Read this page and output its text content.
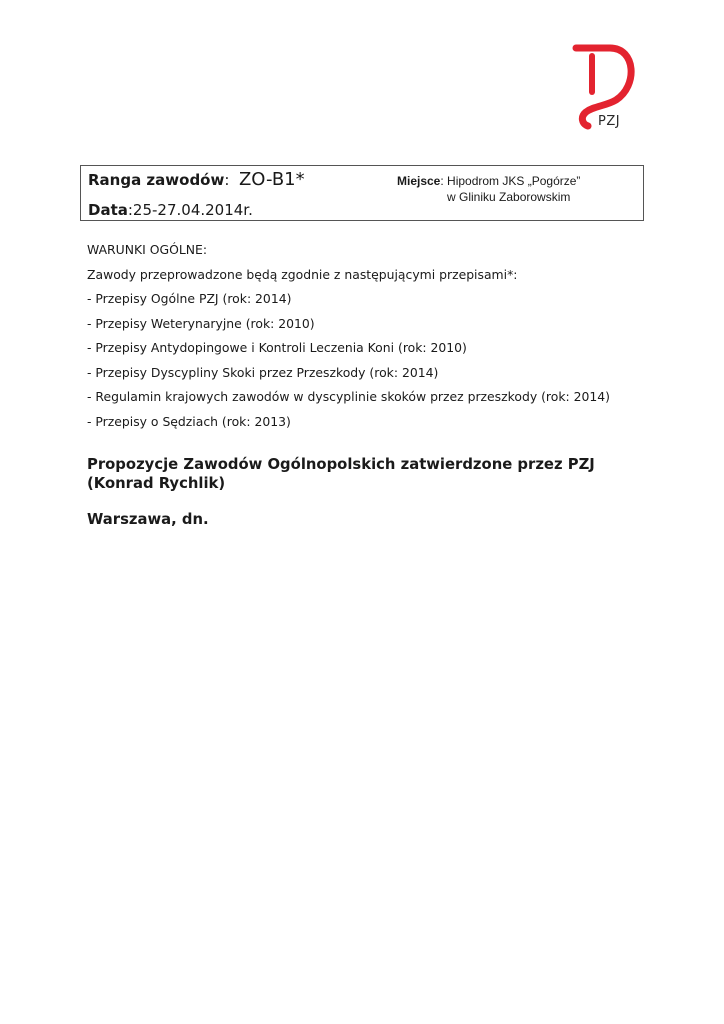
PZJ
Ranga zawodów: ZO-B1*
Data:25-27.04.2014r.
Miejsce: Hipodrom JKS „Pogórze”
w Gliniku Zaborowskim

WARUNKI OGÓLNE:

Zawody przeprowadzone będą zgodnie z następującymi przepisami*:

- Przepisy Ogólne PZJ (rok: 2014)

- Przepisy Weterynaryjne (rok: 2010)

- Przepisy Antydopingowe i Kontroli Leczenia Koni (rok: 2010)

- Przepisy Dyscypliny Skoki przez Przeszkody (rok: 2014)

- Regulamin krajowych zawodów w dyscyplinie skoków przez przeszkody (rok: 2014)

- Przepisy o Sędziach (rok: 2013)

Propozycje Zawodów Ogólnopolskich zatwierdzone przez PZJ
(Konrad Rychlik)
Warszawa, dn.
